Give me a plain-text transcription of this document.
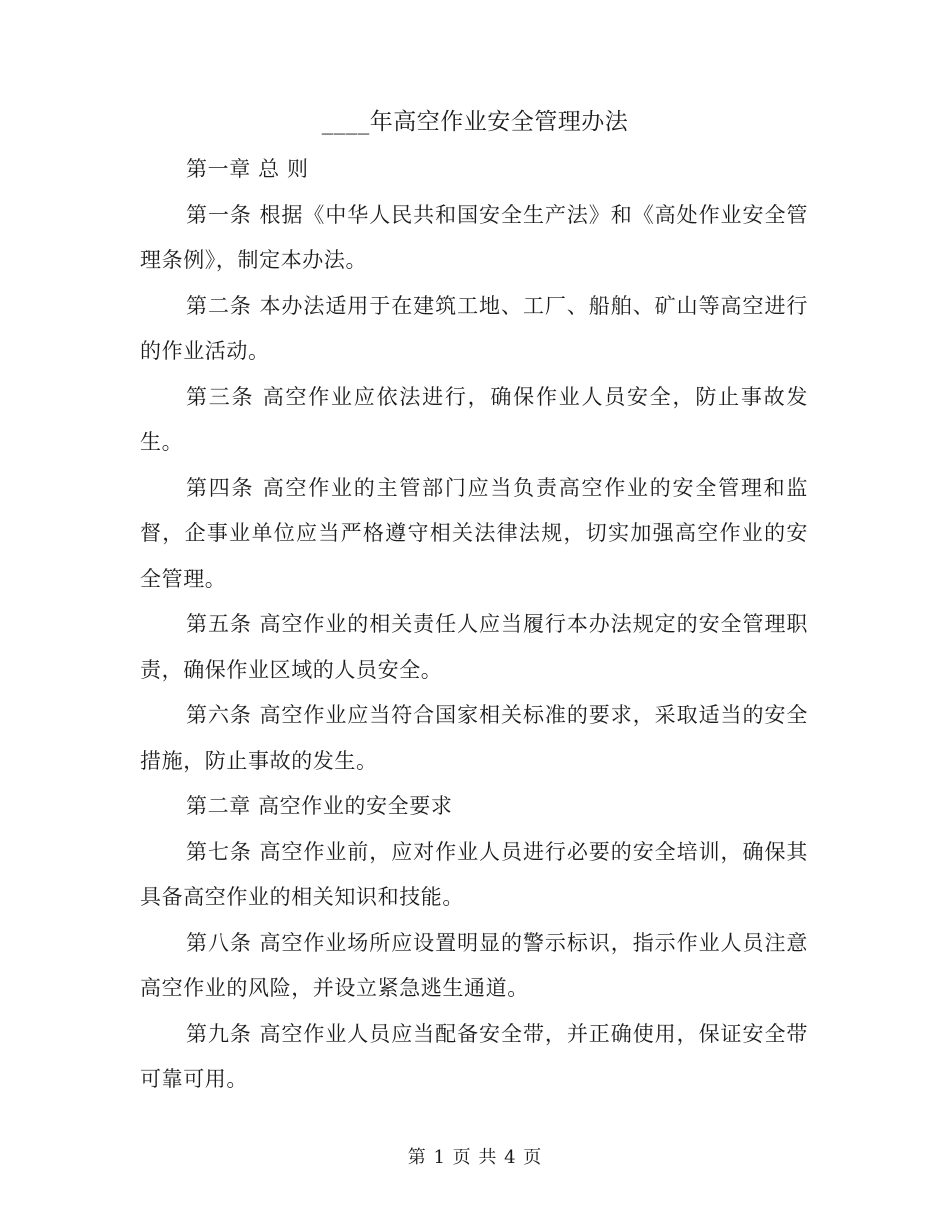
____年高空作业安全管理办法

第一章 总 则

第一条 根据《中华人民共和国安全生产法》和《高处作业安全管理条例》，制定本办法。

第二条 本办法适用于在建筑工地、工厂、船舶、矿山等高空进行的作业活动。

第三条 高空作业应依法进行，确保作业人员安全，防止事故发生。

第四条 高空作业的主管部门应当负责高空作业的安全管理和监督，企事业单位应当严格遵守相关法律法规，切实加强高空作业的安全管理。

第五条 高空作业的相关责任人应当履行本办法规定的安全管理职责，确保作业区域的人员安全。

第六条 高空作业应当符合国家相关标准的要求，采取适当的安全措施，防止事故的发生。

第二章 高空作业的安全要求

第七条 高空作业前，应对作业人员进行必要的安全培训，确保其具备高空作业的相关知识和技能。

第八条 高空作业场所应设置明显的警示标识，指示作业人员注意高空作业的风险，并设立紧急逃生通道。

第九条 高空作业人员应当配备安全带，并正确使用，保证安全带可靠可用。

第 1 页 共 4 页
